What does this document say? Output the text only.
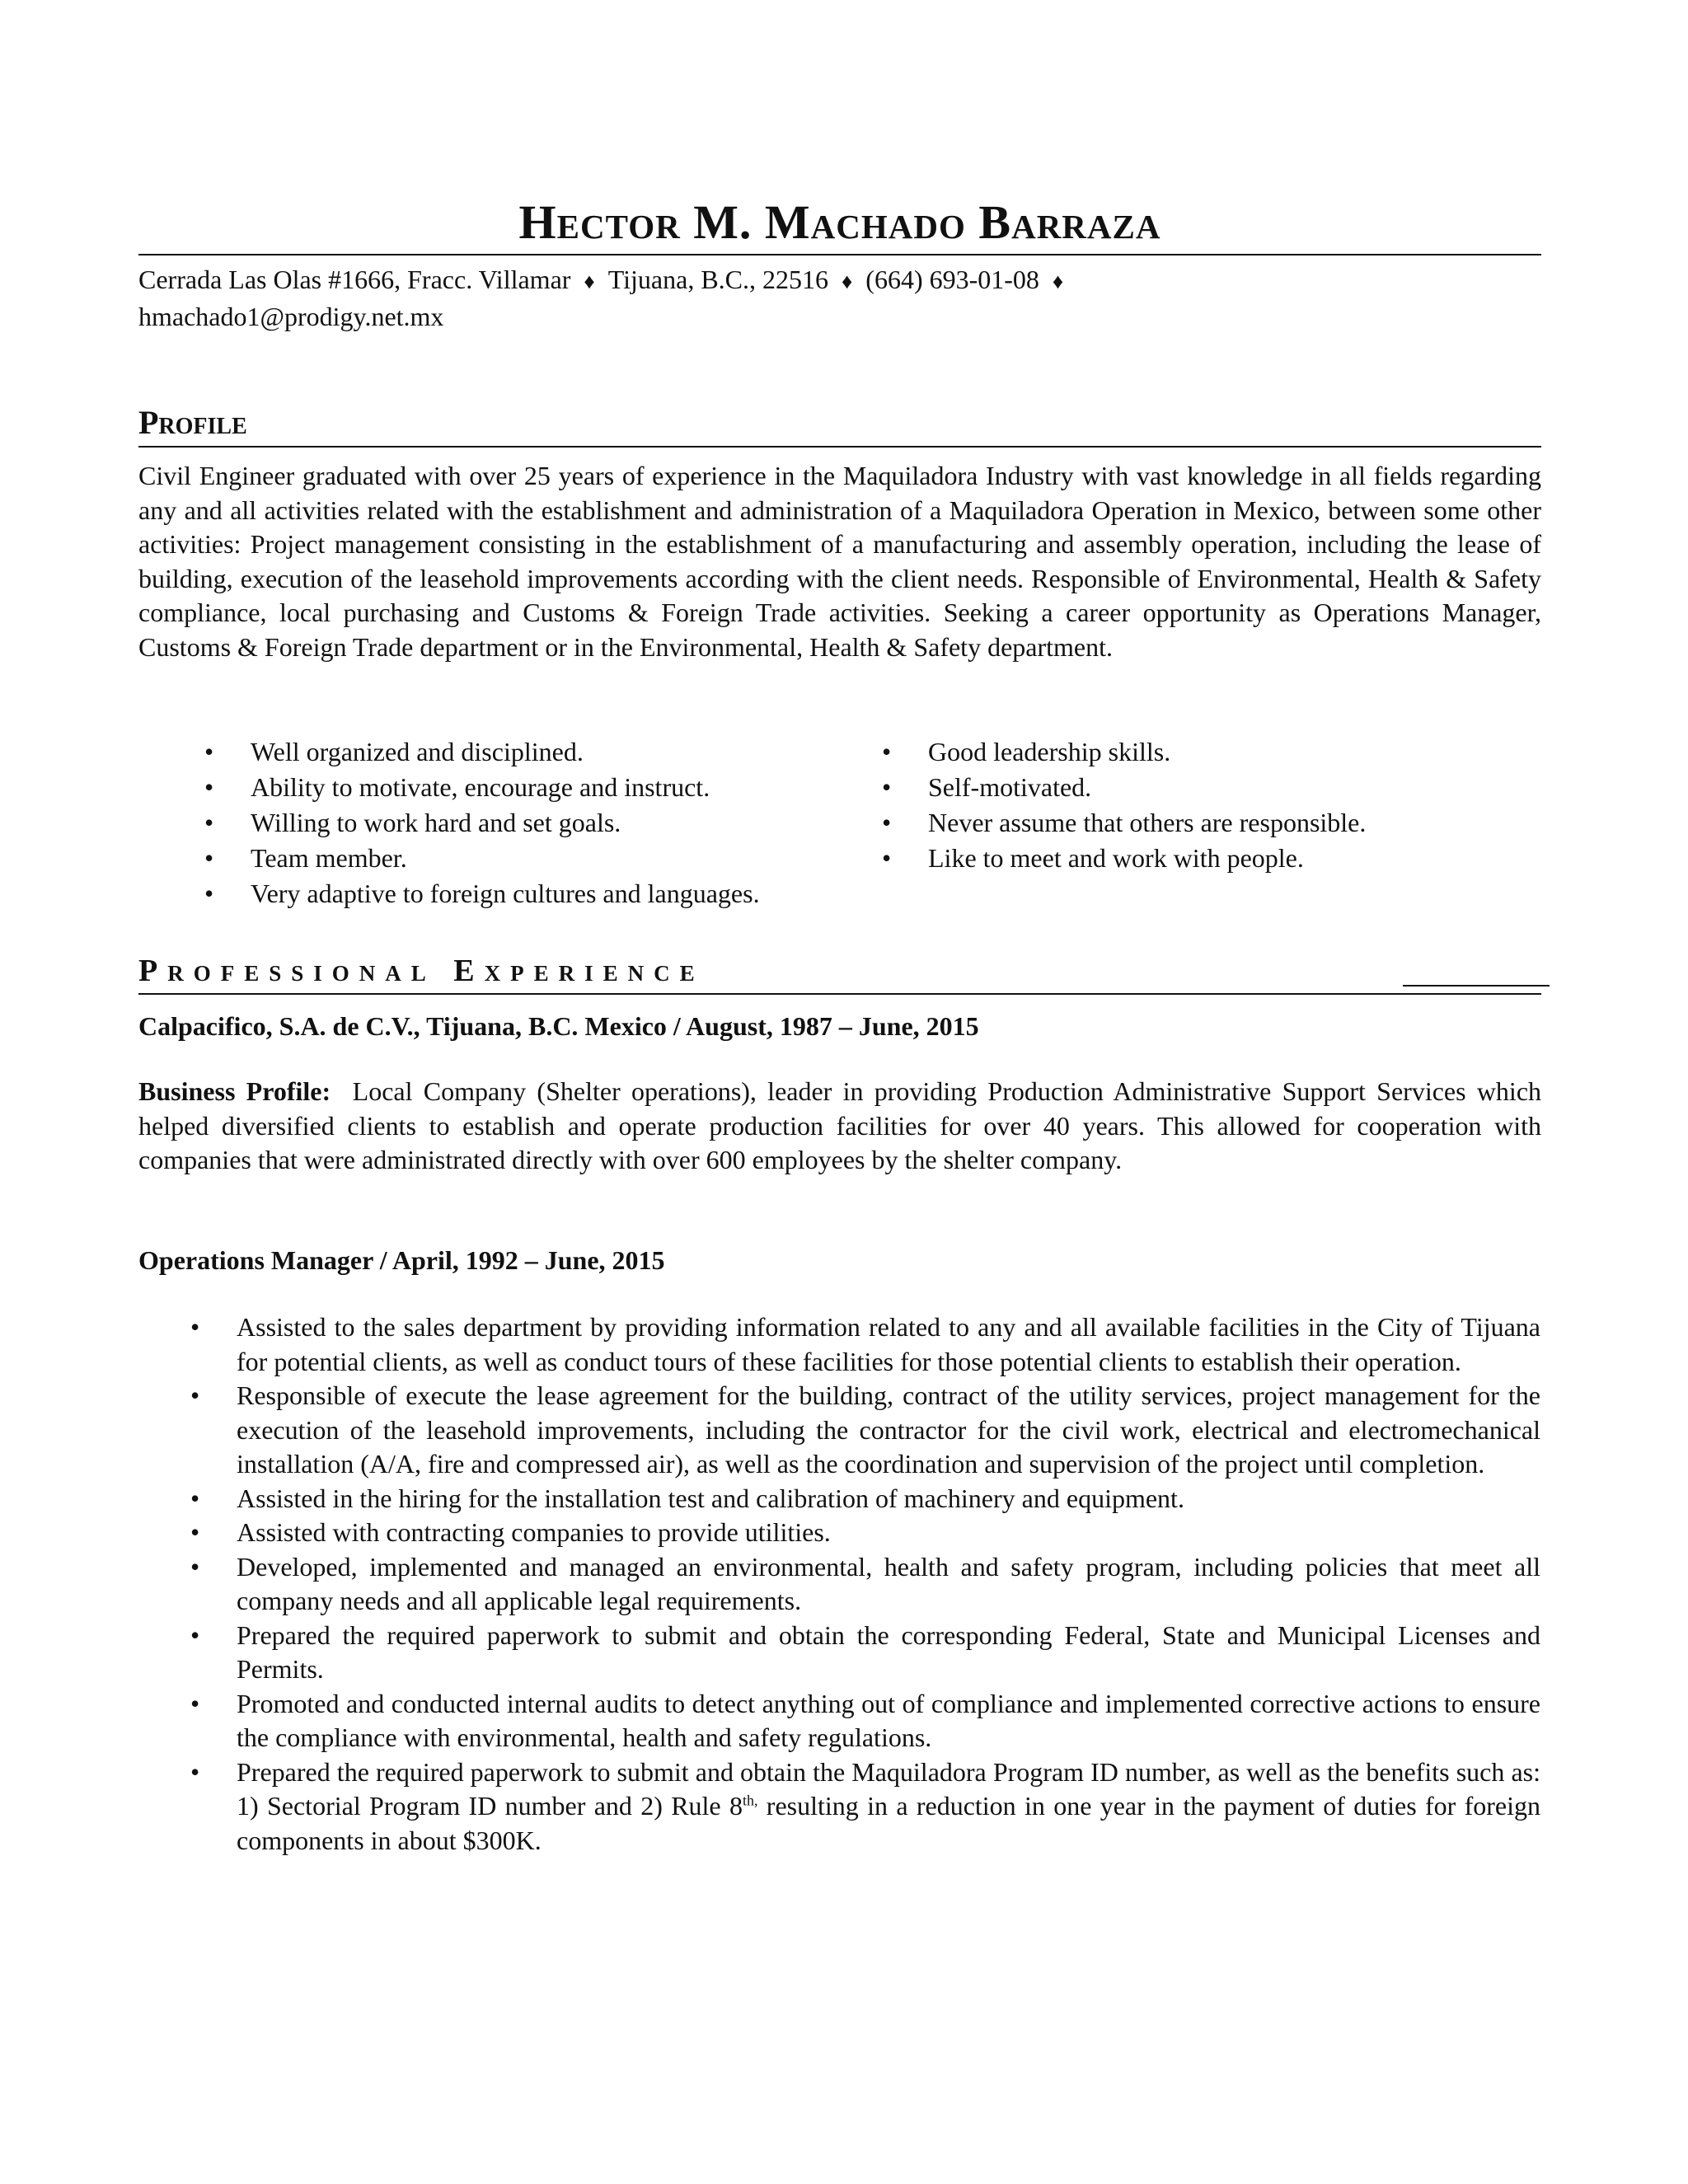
Hector M. Machado Barraza
Cerrada Las Olas #1666, Fracc. Villamar ♦ Tijuana, B.C., 22516 ♦ (664) 693-01-08 ♦
hmachado1@prodigy.net.mx
Profile
Civil Engineer graduated with over 25 years of experience in the Maquiladora Industry with vast knowledge in all fields regarding any and all activities related with the establishment and administration of a Maquiladora Operation in Mexico, between some other activities: Project management consisting in the establishment of a manufacturing and assembly operation, including the lease of building, execution of the leasehold improvements according with the client needs. Responsible of Environmental, Health & Safety compliance, local purchasing and Customs & Foreign Trade activities. Seeking a career opportunity as Operations Manager, Customs & Foreign Trade department or in the Environmental, Health & Safety department.
• Well organized and disciplined.
• Ability to motivate, encourage and instruct.
• Willing to work hard and set goals.
• Team member.
• Very adaptive to foreign cultures and languages.
• Good leadership skills.
• Self-motivated.
• Never assume that others are responsible.
• Like to meet and work with people.
Professional Experience
Calpacifico, S.A. de C.V., Tijuana, B.C. Mexico / August, 1987 – June, 2015
Business Profile: Local Company (Shelter operations), leader in providing Production Administrative Support Services which helped diversified clients to establish and operate production facilities for over 40 years. This allowed for cooperation with companies that were administrated directly with over 600 employees by the shelter company.
Operations Manager / April, 1992 – June, 2015
• Assisted to the sales department by providing information related to any and all available facilities in the City of Tijuana for potential clients, as well as conduct tours of these facilities for those potential clients to establish their operation.
• Responsible of execute the lease agreement for the building, contract of the utility services, project management for the execution of the leasehold improvements, including the contractor for the civil work, electrical and electromechanical installation (A/A, fire and compressed air), as well as the coordination and supervision of the project until completion.
• Assisted in the hiring for the installation test and calibration of machinery and equipment.
• Assisted with contracting companies to provide utilities.
• Developed, implemented and managed an environmental, health and safety program, including policies that meet all company needs and all applicable legal requirements.
• Prepared the required paperwork to submit and obtain the corresponding Federal, State and Municipal Licenses and Permits.
• Promoted and conducted internal audits to detect anything out of compliance and implemented corrective actions to ensure the compliance with environmental, health and safety regulations.
• Prepared the required paperwork to submit and obtain the Maquiladora Program ID number, as well as the benefits such as: 1) Sectorial Program ID number and 2) Rule $8^{th,}$ resulting in a reduction in one year in the payment of duties for foreign components in about $300K.
